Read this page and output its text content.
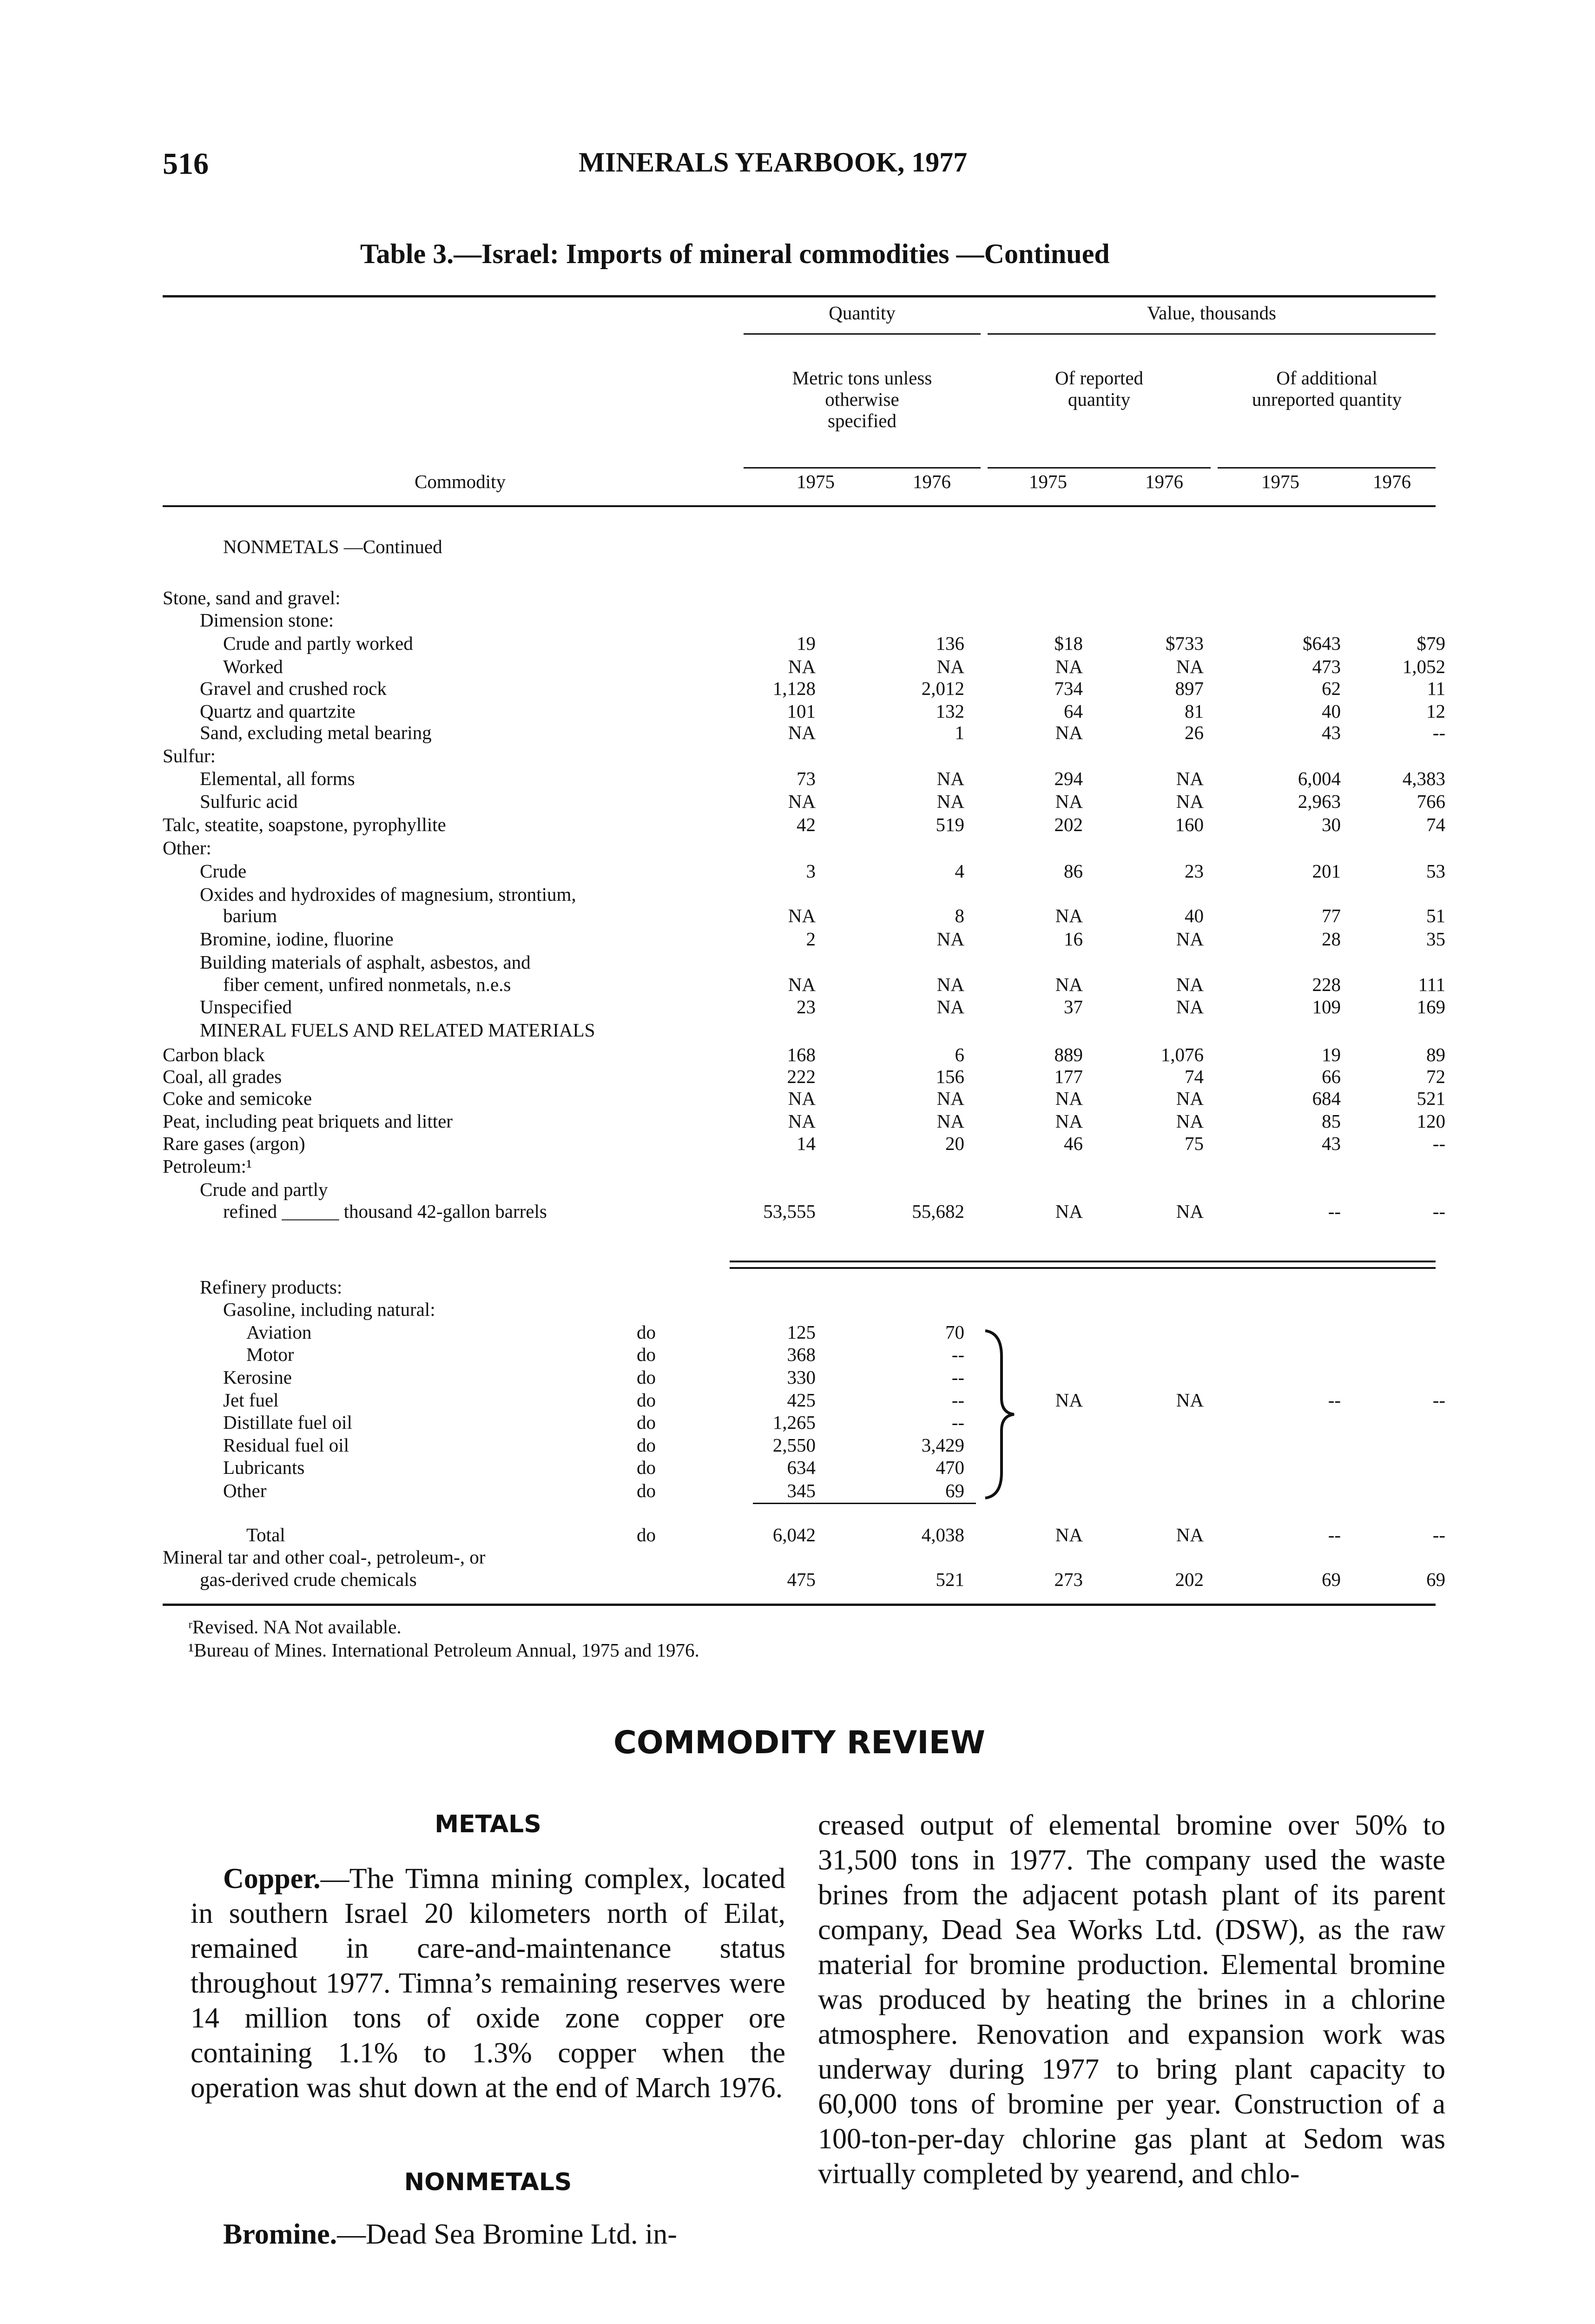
516	MINERALS YEARBOOK, 1977
Table 3.—Israel: Imports of mineral commodities —Continued
Quantity	Value, thousands
Metric tons unless otherwise specified
Of reported quantity
Of additional unreported quantity
Commodity	1975	1976	1975	1976	1975	1976
NONMETALS —Continued
Stone, sand and gravel:
Dimension stone:
Crude and partly worked	19	136	$18	$733	$643	$79
Worked	NA	NA	NA	NA	473	1,052
Gravel and crushed rock	1,128	2,012	734	897	62	11
Quartz and quartzite	101	132	64	81	40	12
Sand, excluding metal bearing	NA	1	NA	26	43	--
Sulfur:
Elemental, all forms	73	NA	294	NA	6,004	4,383
Sulfuric acid	NA	NA	NA	NA	2,963	766
Talc, steatite, soapstone, pyrophyllite	42	519	202	160	30	74
Other:
Crude	3	4	86	23	201	53
Oxides and hydroxides of magnesium, strontium,
barium	NA	8	NA	40	77	51
Bromine, iodine, fluorine	2	NA	16	NA	28	35
Building materials of asphalt, asbestos, and
fiber cement, unfired nonmetals, n.e.s	NA	NA	NA	NA	228	111
Unspecified	23	NA	37	NA	109	169
MINERAL FUELS AND RELATED MATERIALS
Carbon black	168	6	889	1,076	19	89
Coal, all grades	222	156	177	74	66	72
Coke and semicoke	NA	NA	NA	NA	684	521
Peat, including peat briquets and litter	NA	NA	NA	NA	85	120
Rare gases (argon)	14	20	46	75	43	--
Petroleum:¹
Crude and partly
refined ______ thousand 42-gallon barrels	53,555	55,682	NA	NA	--	--
Refinery products:
Gasoline, including natural:
Aviation	do	125	70
Motor	do	368	--
Kerosine	do	330	--
Jet fuel	do	425	--
Distillate fuel oil	do	1,265	--
Residual fuel oil	do	2,550	3,429
Lubricants	do	634	470
Other	do	345	69
NA	NA	--	--
Total	do	6,042	4,038	NA	NA	--	--
Mineral tar and other coal-, petroleum-, or
gas-derived crude chemicals	475	521	273	202	69	69
ʳRevised. NA Not available.
¹Bureau of Mines. International Petroleum Annual, 1975 and 1976.
COMMODITY REVIEW
METALS

Copper.—The Timna mining complex, located in southern Israel 20 kilometers north of Eilat, remained in care-and-maintenance status throughout 1977. Timna’s remaining reserves were 14 million tons of oxide zone copper ore containing 1.1% to 1.3% copper when the operation was shut down at the end of March 1976.

NONMETALS

Bromine.—Dead Sea Bromine Ltd. in-

creased output of elemental bromine over 50% to 31,500 tons in 1977. The company used the waste brines from the adjacent potash plant of its parent company, Dead Sea Works Ltd. (DSW), as the raw material for bromine production. Elemental bromine was produced by heating the brines in a chlorine atmosphere. Renovation and expansion work was underway during 1977 to bring plant capacity to 60,000 tons of bromine per year. Construction of a 100-ton-per-day chlorine gas plant at Sedom was virtually completed by yearend, and chlo-
